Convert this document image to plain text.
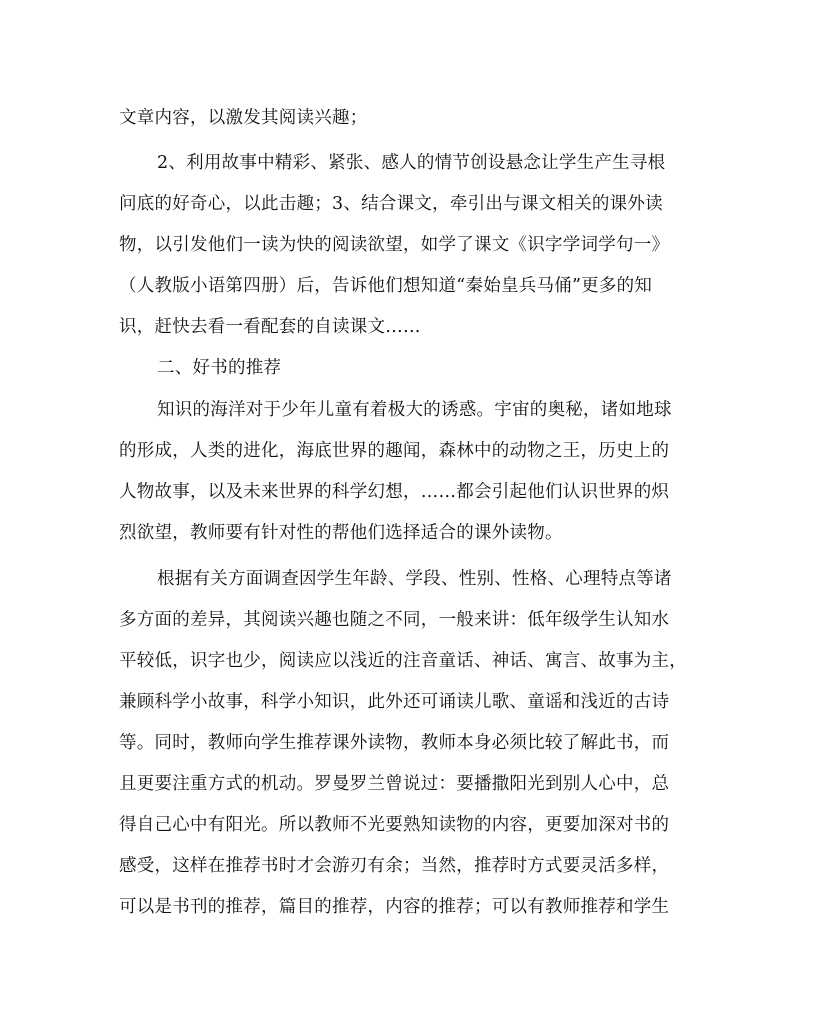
文章内容，以激发其阅读兴趣；
2、利用故事中精彩、紧张、感人的情节创设悬念让学生产生寻根
问底的好奇心，以此击趣；3、结合课文，牵引出与课文相关的课外读
物，以引发他们一读为快的阅读欲望，如学了课文《识字学词学句一》
（人教版小语第四册）后，告诉他们想知道“秦始皇兵马俑”更多的知
识，赶快去看一看配套的自读课文……
二、好书的推荐
知识的海洋对于少年儿童有着极大的诱惑。宇宙的奥秘，诸如地球
的形成，人类的进化，海底世界的趣闻，森林中的动物之王，历史上的
人物故事，以及未来世界的科学幻想，……都会引起他们认识世界的炽
烈欲望，教师要有针对性的帮他们选择适合的课外读物。
根据有关方面调查因学生年龄、学段、性别、性格、心理特点等诸
多方面的差异，其阅读兴趣也随之不同，一般来讲：低年级学生认知水
平较低，识字也少，阅读应以浅近的注音童话、神话、寓言、故事为主，
兼顾科学小故事，科学小知识，此外还可诵读儿歌、童谣和浅近的古诗
等。同时，教师向学生推荐课外读物，教师本身必须比较了解此书，而
且更要注重方式的机动。罗曼罗兰曾说过：要播撒阳光到别人心中，总
得自己心中有阳光。所以教师不光要熟知读物的内容，更要加深对书的
感受，这样在推荐书时才会游刃有余；当然，推荐时方式要灵活多样，
可以是书刊的推荐，篇目的推荐，内容的推荐；可以有教师推荐和学生
